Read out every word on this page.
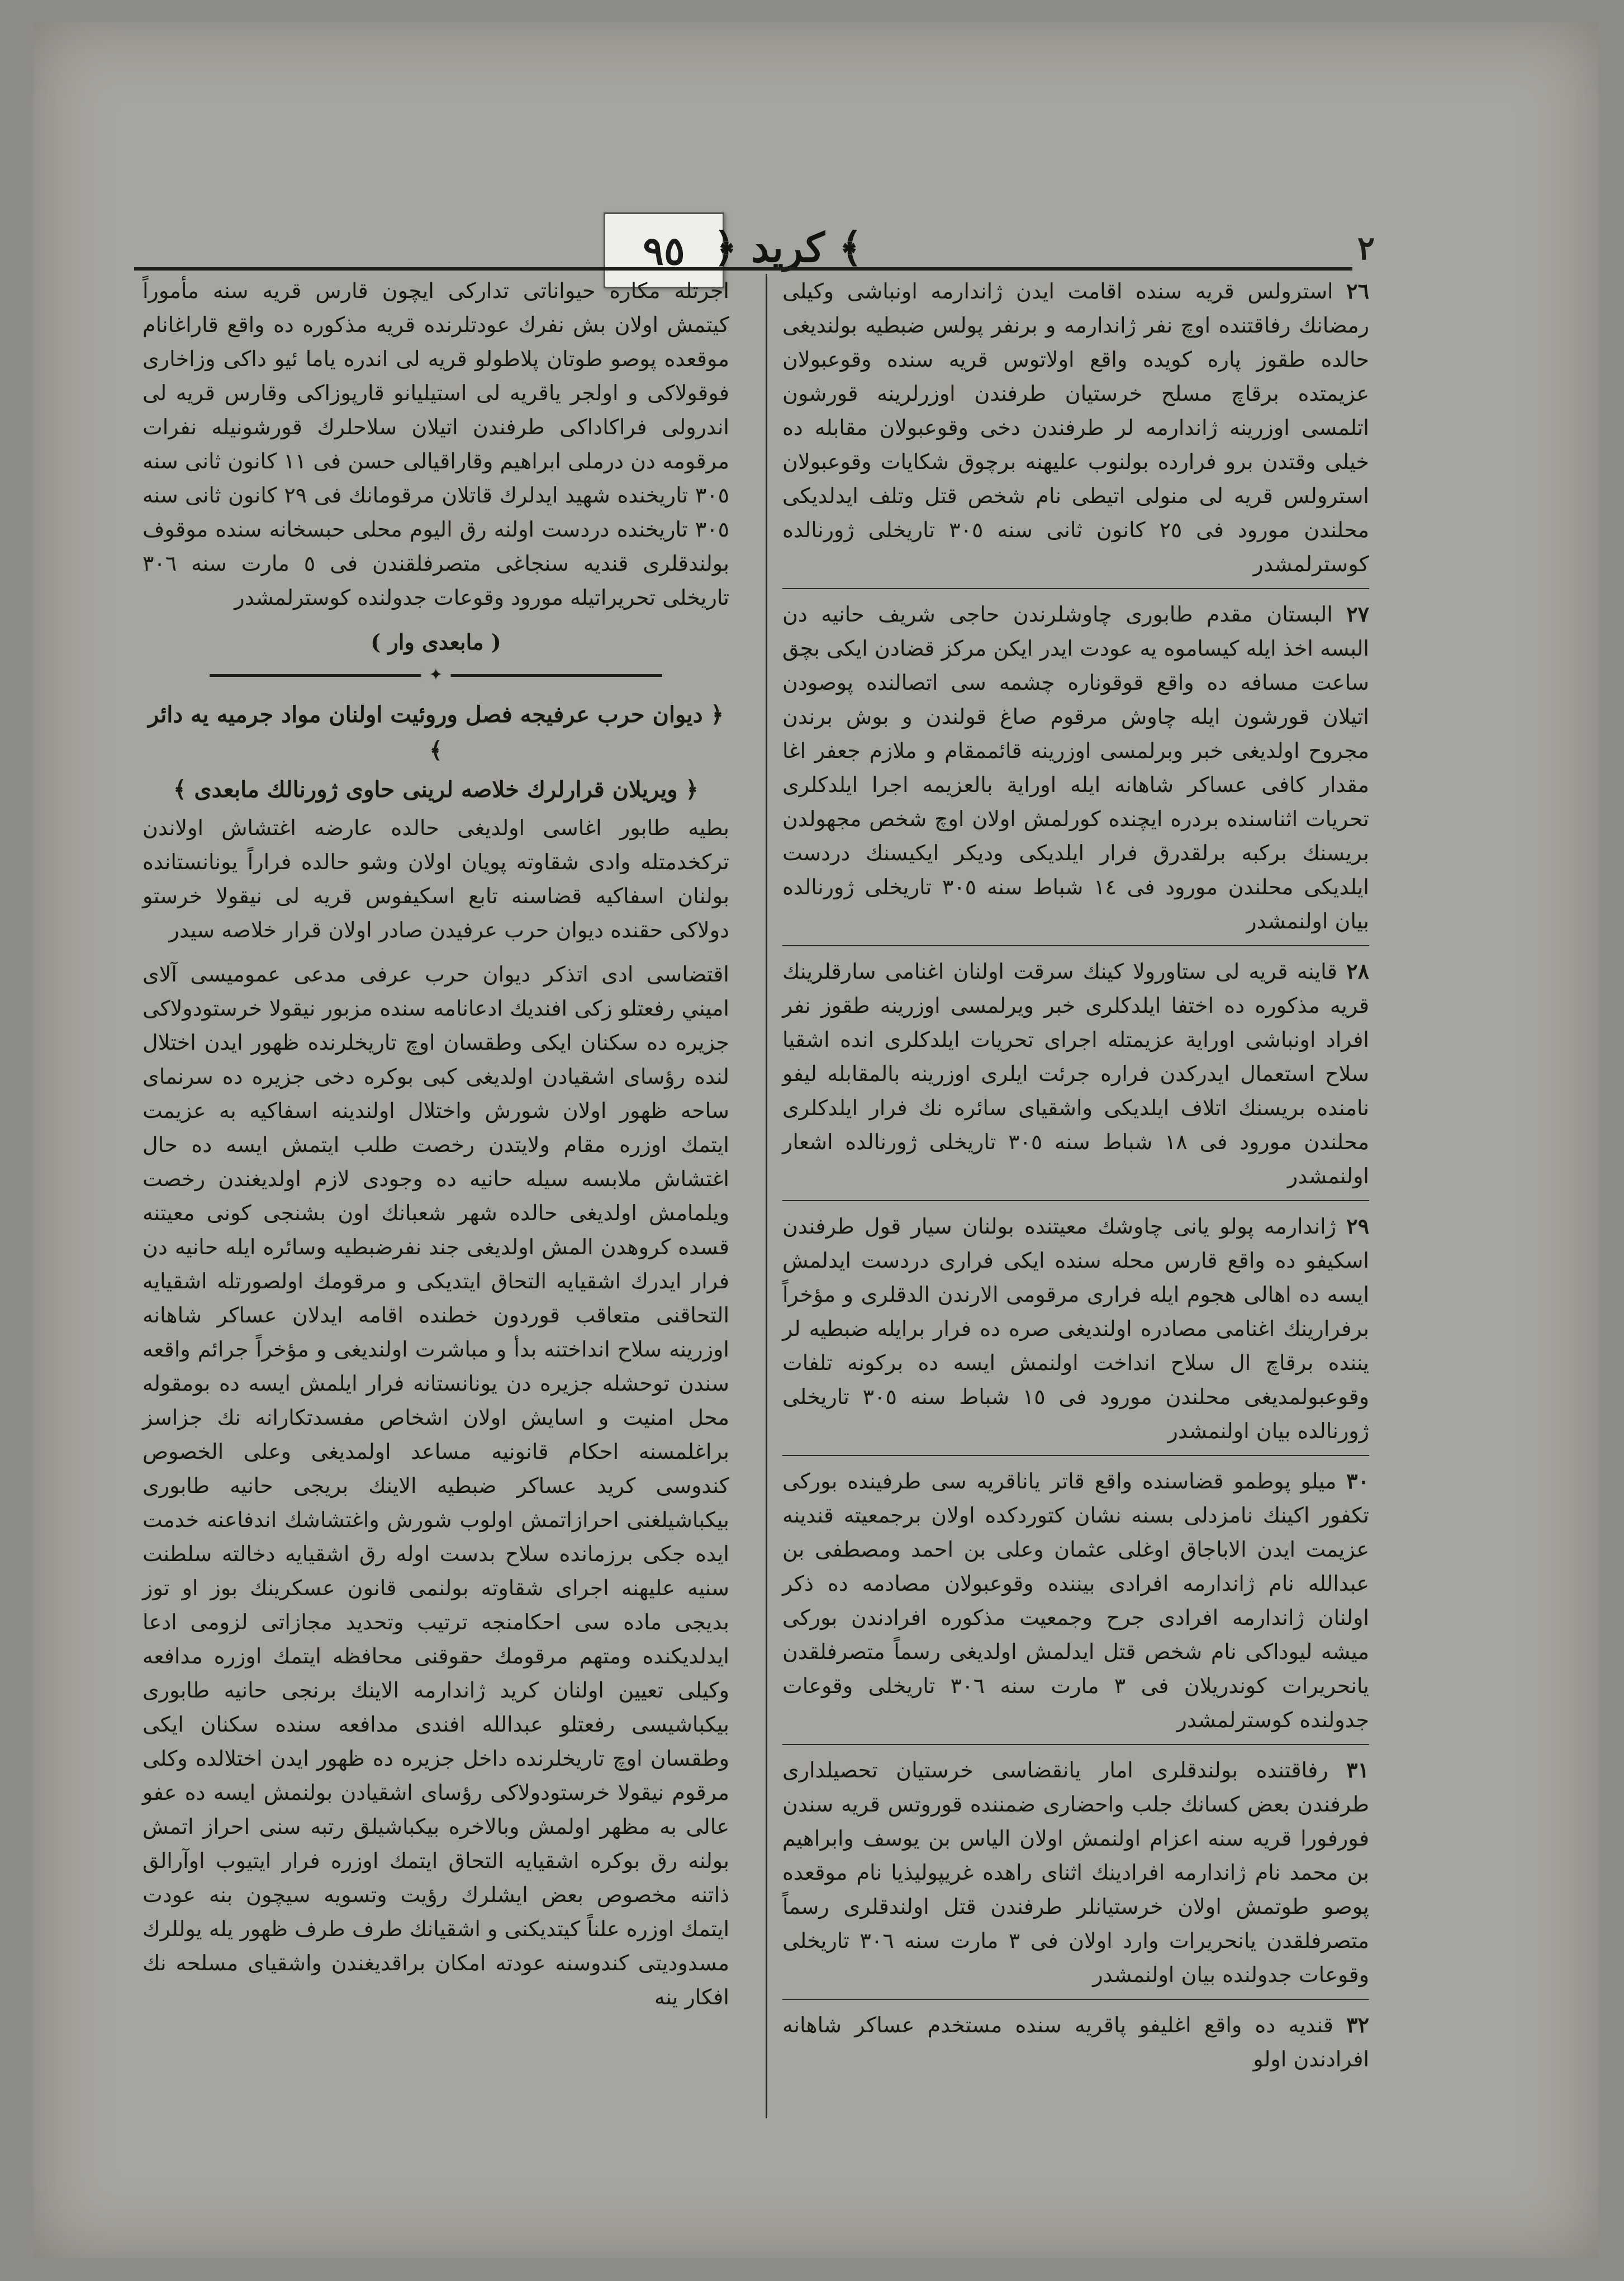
٩٥ ﴿ كريد ﴾	٢
٢٦ استرولس قريه سنده اقامت ايدن ژاندارمه اونباشى وكيلى رمضانك رفاقتنده اوچ نفر ژاندارمه و برنفر پولس ضبطيه بولنديغى حالده طقوز پاره كويده واقع اولاتوس قريه سنده وقوعبولان عزيمتده برقاچ مسلح خرستيان طرفندن اوزرلرينه قورشون اتلمسى اوزرينه ژاندارمه لر طرفندن دخى وقوعبولان مقابله ده خيلى وقتدن برو فرارده بولنوب عليهنه برچوق شكايات وقوعبولان استرولس قريه لى منولى اتيطى نام شخص قتل وتلف ايدلديكى محلندن مورود فى ٢٥ كانون ثانى سنه ٣٠٥ تاريخلى ژورنالده كوسترلمشدر
٢٧ البستان مقدم طابورى چاوشلرندن حاجى شريف حانيه دن البسه اخذ ايله كيساموه يه عودت ايدر ايكن مركز قضادن ايكى بچق ساعت مسافه ده واقع قوقوناره چشمه سى اتصالنده پوصودن اتيلان قورشون ايله چاوش مرقوم صاغ قولندن و بوش برندن مجروح اولديغى خبر وبرلمسى اوزرينه قائممقام و ملازم جعفر اغا مقدار كافى عساكر شاهانه ايله اوراية بالعزيمه اجرا ايلدكلرى تحريات اثناسنده بردره ايچنده كورلمش اولان اوچ شخص مجهولدن بريسنك بركبه برلقدرق فرار ايلديكى وديكر ايكيسنك دردست ايلديكى محلندن مورود فى ١٤ شباط سنه ٣٠٥ تاريخلى ژورنالده بيان اولنمشدر
٢٨ قاينه قريه لى ستاورولا كينك سرقت اولنان اغنامى سارقلرينك قريه مذكوره ده اختفا ايلدكلرى خبر ويرلمسى اوزرينه طقوز نفر افراد اونباشى اوراية عزيمتله اجراى تحريات ايلدكلرى انده اشقيا سلاح استعمال ايدركدن فراره جرئت ايلرى اوزرينه بالمقابله ليفو نامنده بريسنك اتلاف ايلديكى واشقياى سائره نك فرار ايلدكلرى محلندن مورود فى ١٨ شباط سنه ٣٠٥ تاريخلى ژورنالده اشعار اولنمشدر
٢٩ ژاندارمه پولو يانى چاوشك معيتنده بولنان سيار قول طرفندن اسكيفو ده واقع قارس محله سنده ايكى فرارى دردست ايدلمش ايسه ده اهالى هجوم ايله فرارى مرقومى الارندن الدقلرى و مؤخراً برفرارينك اغنامى مصادره اولنديغى صره ده فرار برايله ضبطيه لر يننده برقاچ ال سلاح انداخت اولنمش ايسه ده بركونه تلفات وقوعبولمديغى محلندن مورود فى ١٥ شباط سنه ٣٠٥ تاريخلى ژورنالده بيان اولنمشدر
٣٠ ميلو پوطمو قضاسنده واقع قاتر ياناقريه سى طرفينده بوركى تكفور اكينك نامزدلى بسنه نشان كتوردكده اولان برجمعيته قندينه عزيمت ايدن الاباجاق اوغلى عثمان وعلى بن احمد ومصطفى بن عبدالله نام ژاندارمه افرادى بيننده وقوعبولان مصادمه ده ذكر اولنان ژاندارمه افرادى جرح وجمعيت مذكوره افرادندن بوركى ميشه ليوداكى نام شخص قتل ايدلمش اولديغى رسماً متصرفلقدن يانحريرات كوندريلان فى ٣ مارت سنه ٣٠٦ تاريخلى وقوعات جدولنده كوسترلمشدر
٣١ رفاقتنده بولندقلرى امار يانقضاسى خرستيان تحصيلدارى طرفندن بعض كسانك جلب واحضارى ضمننده قوروتس قريه سندن فورفورا قريه سنه اعزام اولنمش اولان الياس بن يوسف وابراهيم بن محمد نام ژاندارمه افرادينك اثناى راهده غريپوليذيا نام موقعده پوصو طوتمش اولان خرستيانلر طرفندن قتل اولندقلرى رسماً متصرفلقدن يانحريرات وارد اولان فى ٣ مارت سنه ٣٠٦ تاريخلى وقوعات جدولنده بيان اولنمشدر
٣٢ قنديه ده واقع اغليفو پاقريه سنده مستخدم عساكر شاهانه افرادندن اولو
اجرتله مكاره حيواناتى تداركى ايچون قارس قريه سنه مأموراً كيتمش اولان بش نفرك عودتلرنده قريه مذكوره ده واقع قاراغانام موقعده پوصو طوتان پلاطولو قريه لى اندره ياما ئيو داكى وزاخارى فوقولاكى و اولجر ياقريه لى استيليانو قارپوزاكى وقارس قريه لى اندرولى فراكاداكى طرفندن اتيلان سلاحلرك قورشونيله نفرات مرقومه دن درملى ابراهيم وقاراقيالى حسن فى ١١ كانون ثانى سنه ٣٠٥ تاريخنده شهيد ايدلرك قاتلان مرقومانك فى ٢٩ كانون ثانى سنه ٣٠٥ تاريخنده دردست اولنه رق اليوم محلى حبسخانه سنده موقوف بولندقلرى قنديه سنجاغى متصرفلقندن فى ٥ مارت سنه ٣٠٦ تاريخلى تحريراتيله مورود وقوعات جدولنده كوسترلمشدر
( مابعدى وار )
✦
﴿ ديوان حرب عرفيجه فصل وروئيت اولنان مواد جرميه يه دائر ﴾
﴿ ويريلان قرارلرك خلاصه لرينى حاوى ژورنالك مابعدى ﴾
بطيه طابور اغاسى اولديغى حالده عارضه اغتشاش اولاندن تركخدمتله وادى شقاوته پويان اولان وشو حالده فراراً يونانستانده بولنان اسفاكيه قضاسنه تابع اسكيفوس قريه لى نيقولا خرستو دولاكى حقنده ديوان حرب عرفيدن صادر اولان قرار خلاصه سيدر
اقتضاسى ادى اتذكر ديوان حرب عرفى مدعى عموميسى آلاى اميني رفعتلو زكى افنديك ادعانامه سنده مزبور نيقولا خرستودولاكى جزيره ده سكنان ايكى وطقسان اوچ تاريخلرنده ظهور ايدن اختلال لنده رؤساى اشقيادن اولديغى كبى بوكره دخى جزيره ده سرنماى ساحه ظهور اولان شورش واختلال اولندينه اسفاكيه به عزيمت ايتمك اوزره مقام ولايتدن رخصت طلب ايتمش ايسه ده حال اغتشاش ملابسه سيله حانيه ده وجودى لازم اولديغندن رخصت ويلمامش اولديغى حالده شهر شعبانك اون بشنجى كونى معيتنه قسده كروهدن المش اولديغى جند نفرضبطيه وسائره ايله حانيه دن فرار ايدرك اشقيايه التحاق ايتديكى و مرقومك اولصورتله اشقيايه التحاقنى متعاقب قوردون خطنده اقامه ايدلان عساكر شاهانه اوزرينه سلاح انداختنه بدأ و مباشرت اولنديغى و مؤخراً جرائم واقعه سندن توحشله جزيره دن يونانستانه فرار ايلمش ايسه ده بومقوله محل امنيت و اسايش اولان اشخاص مفسدتكارانه نك جزاسز براغلمسنه احكام قانونيه مساعد اولمديغى وعلى الخصوص كندوسى كريد عساكر ضبطيه الاينك بريجى حانيه طابورى بيكباشيلغنى احرازاتمش اولوب شورش واغتشاشك اندفاعنه خدمت ايده جكى برزمانده سلاح بدست اوله رق اشقيايه دخالته سلطنت سنيه عليهنه اجراى شقاوته بولنمى قانون عسكرينك بوز او توز بديجى ماده سى احكامنجه ترتيب وتحديد مجازاتى لزومى ادعا ايدلديكنده ومتهم مرقومك حقوقنى محافظه ايتمك اوزره مدافعه وكيلى تعيين اولنان كريد ژاندارمه الاينك برنجى حانيه طابورى بيكباشيسى رفعتلو عبدالله افندى مدافعه سنده سكنان ايكى وطقسان اوچ تاريخلرنده داخل جزيره ده ظهور ايدن اختلالده وكلى مرقوم نيقولا خرستودولاكى رؤساى اشقيادن بولنمش ايسه ده عفو عالى به مظهر اولمش وبالاخره بيكباشيلق رتبه سنى احراز اتمش بولنه رق بوكره اشقيايه التحاق ايتمك اوزره فرار ايتيوب اوآرالق ذاتنه مخصوص بعض ايشلرك رؤيت وتسويه سيچون بنه عودت ايتمك اوزره علناً كيتديكنى و اشقيانك طرف طرف ظهور يله يوللرك مسدودیتى كندوسنه عودته امكان براقديغندن واشقياى مسلحه نك افكار ينه
